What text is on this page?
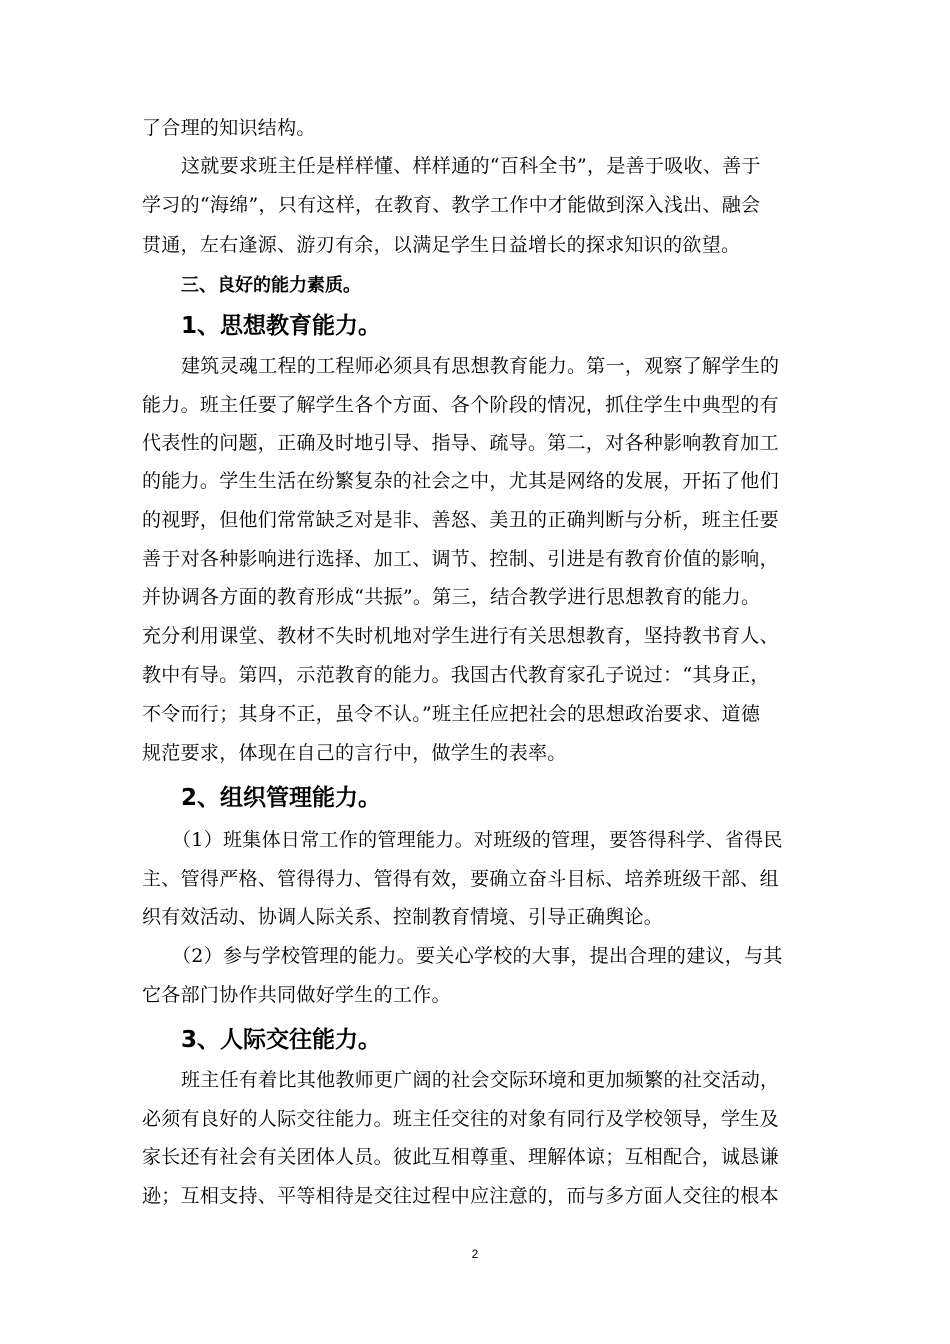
了合理的知识结构。
这就要求班主任是样样懂、样样通的“百科全书”，是善于吸收、善于
学习的“海绵”，只有这样，在教育、教学工作中才能做到深入浅出、融会
贯通，左右逢源、游刃有余，以满足学生日益增长的探求知识的欲望。
三、良好的能力素质。
1、思想教育能力。
建筑灵魂工程的工程师必须具有思想教育能力。第一，观察了解学生的
能力。班主任要了解学生各个方面、各个阶段的情况，抓住学生中典型的有
代表性的问题，正确及时地引导、指导、疏导。第二，对各种影响教育加工
的能力。学生生活在纷繁复杂的社会之中，尤其是网络的发展，开拓了他们
的视野，但他们常常缺乏对是非、善怒、美丑的正确判断与分析，班主任要
善于对各种影响进行选择、加工、调节、控制、引进是有教育价值的影响，
并协调各方面的教育形成“共振”。第三，结合教学进行思想教育的能力。
充分利用课堂、教材不失时机地对学生进行有关思想教育，坚持教书育人、
教中有导。第四，示范教育的能力。我国古代教育家孔子说过：“其身正，
不令而行；其身不正，虽令不认。”班主任应把社会的思想政治要求、道德
规范要求，体现在自己的言行中，做学生的表率。
2、组织管理能力。
（1）班集体日常工作的管理能力。对班级的管理，要答得科学、省得民
主、管得严格、管得得力、管得有效，要确立奋斗目标、培养班级干部、组
织有效活动、协调人际关系、控制教育情境、引导正确舆论。
（2）参与学校管理的能力。要关心学校的大事，提出合理的建议，与其
它各部门协作共同做好学生的工作。
3、人际交往能力。
班主任有着比其他教师更广阔的社会交际环境和更加频繁的社交活动，
必须有良好的人际交往能力。班主任交往的对象有同行及学校领导，学生及
家长还有社会有关团体人员。彼此互相尊重、理解体谅；互相配合，诚恳谦
逊；互相支持、平等相待是交往过程中应注意的，而与多方面人交往的根本
2
